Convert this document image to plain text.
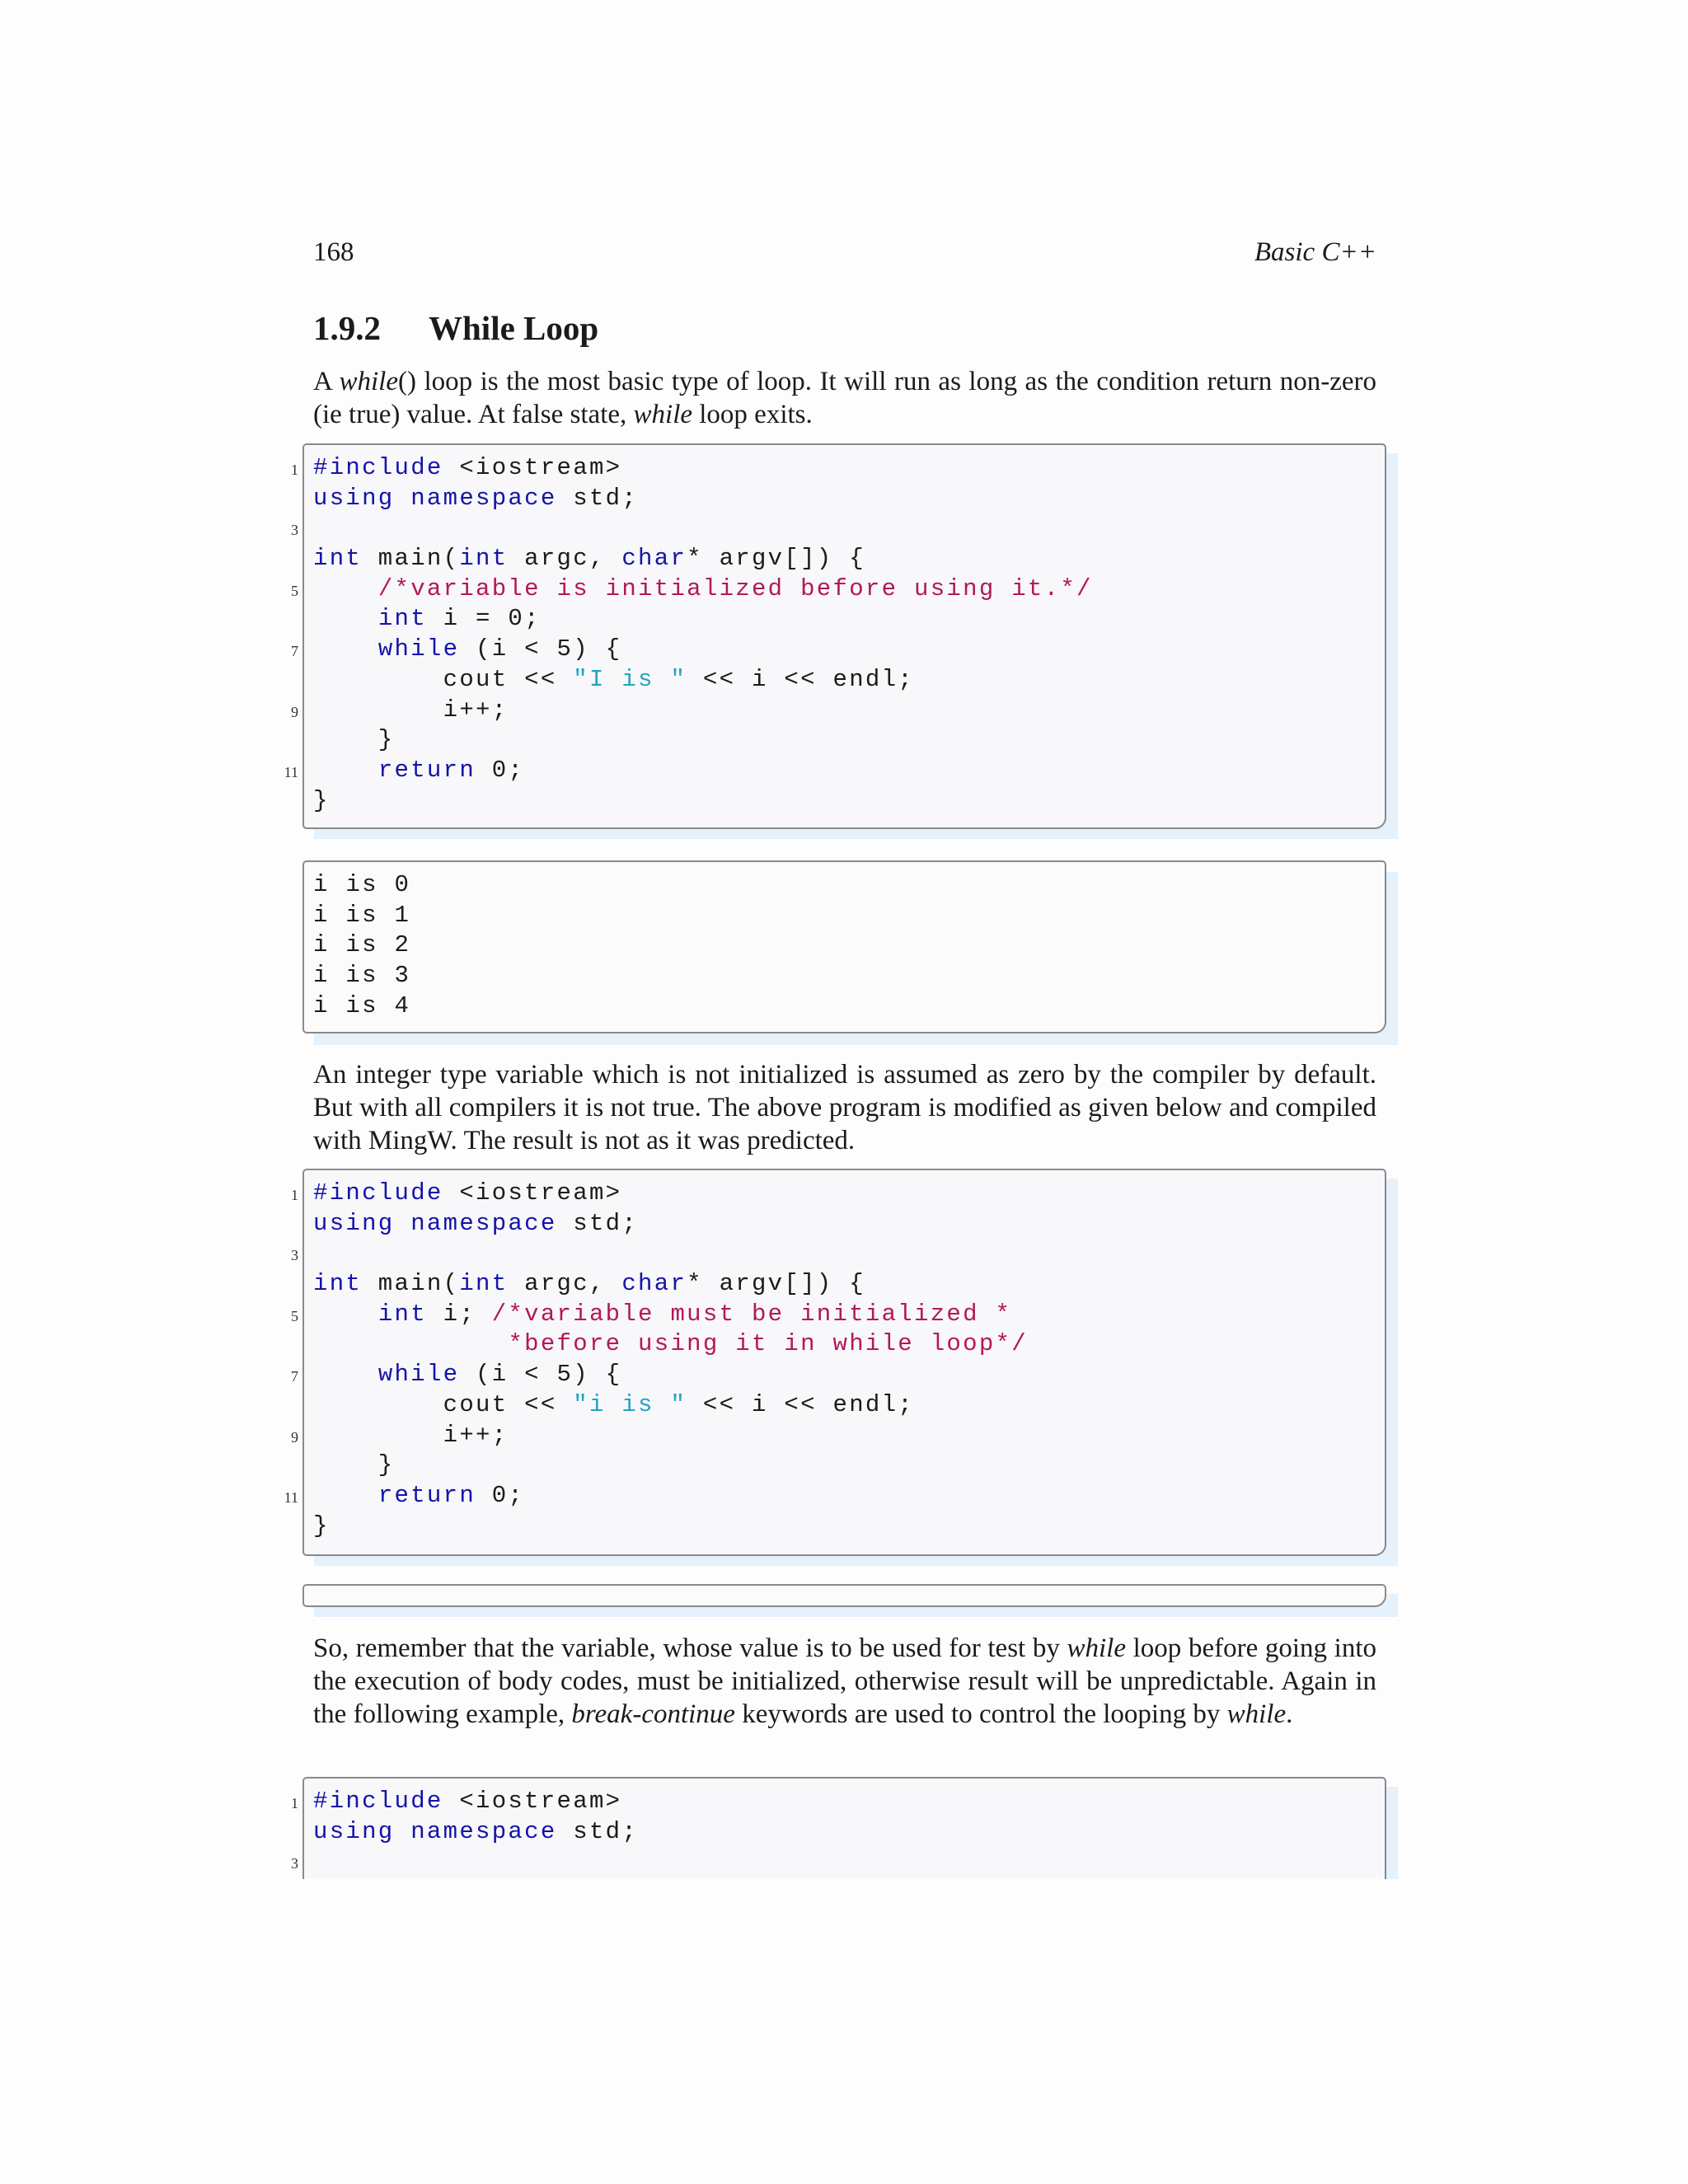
168	Basic C++
1.9.2 While Loop

A while() loop is the most basic type of loop. It will run as long as the condition return non-zero (ie true) value. At false state, while loop exits.

1
3
5
7
9
11
#include <iostream>
using namespace std;
int main(int argc, char* argv[]) {
/*variable is initialized before using it.*/
int i = 0;
while (i < 5) {
cout << "I is " << i << endl;
i++;
}
return 0;
}
i is 0
i is 1
i is 2
i is 3
i is 4

An integer type variable which is not initialized is assumed as zero by the compiler by default. But with all compilers it is not true. The above program is modified as given below and compiled with MingW. The result is not as it was predicted.

1
3
5
7
9
11
#include <iostream>
using namespace std;
int main(int argc, char* argv[]) {
int i; /*variable must be initialized *
*before using it in while loop*/
while (i < 5) {
cout << "i is " << i << endl;
i++;
}
return 0;
}

So, remember that the variable, whose value is to be used for test by while loop before going into the execution of body codes, must be initialized, otherwise result will be unpredictable. Again in the following example, break-continue keywords are used to control the looping by while.

1
3
#include <iostream>
using namespace std;
